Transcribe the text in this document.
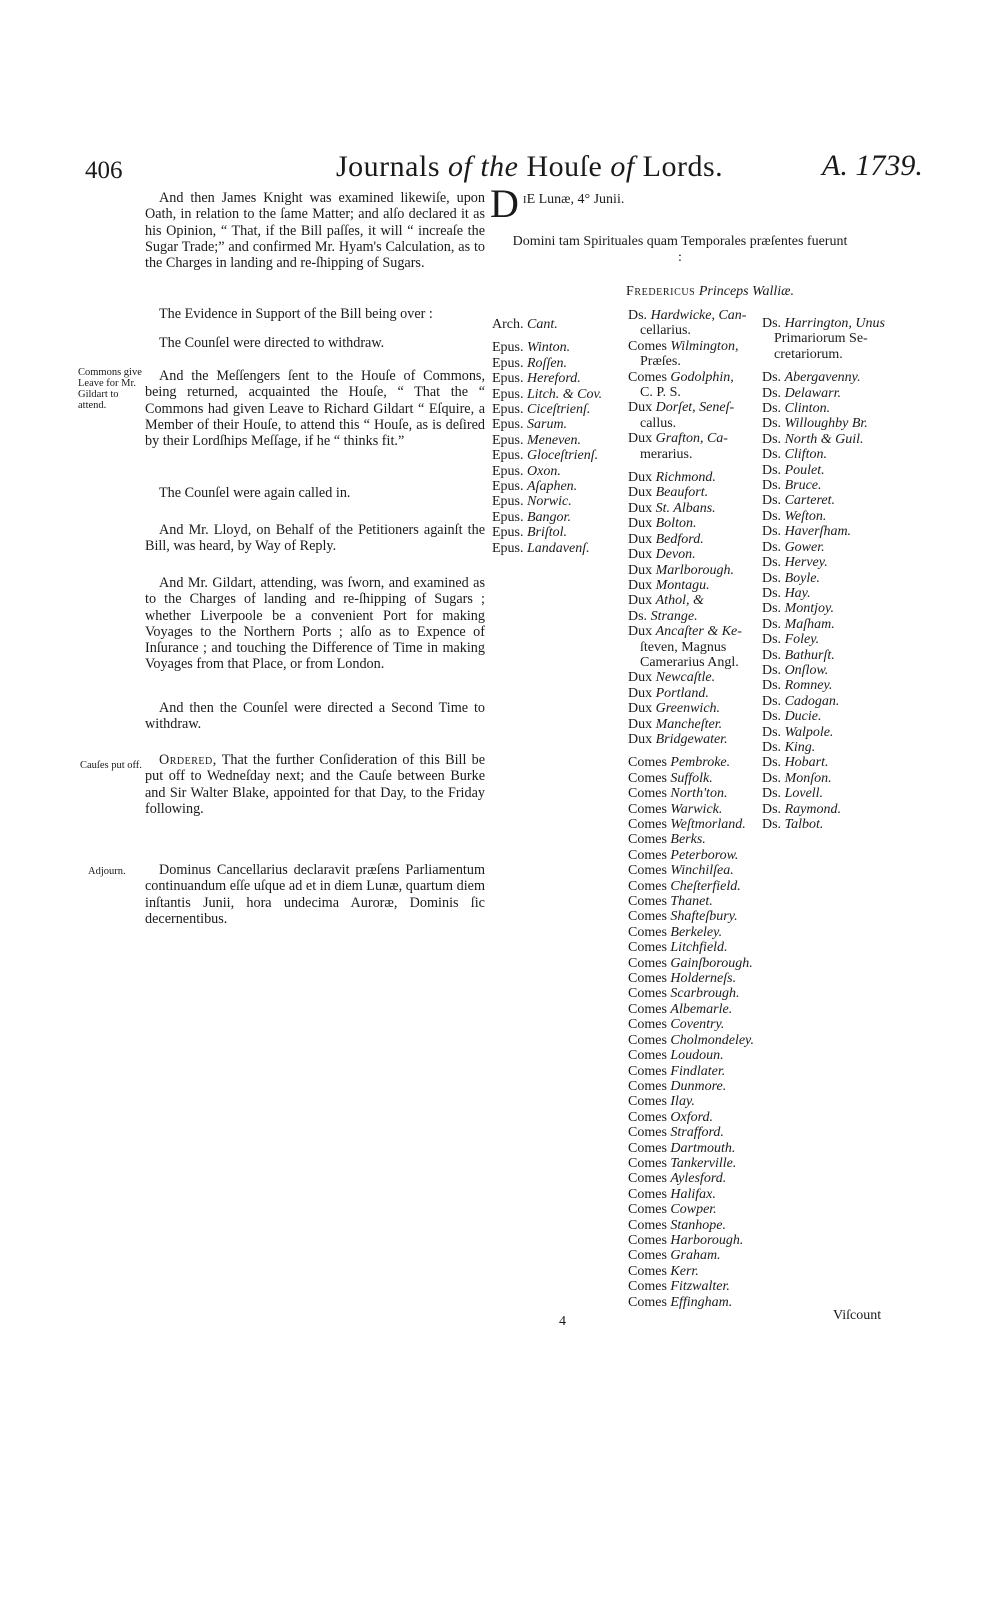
406	Journals of the Houſe of Lords.	A. 1739.

And then James Knight was examined likewiſe, upon Oath, in relation to the ſame Matter; and alſo declared it as his Opinion, “ That, if the Bill paſſes, it will “ increaſe the Sugar Trade;” and confirmed Mr. Hyam's Calculation, as to the Charges in landing and re-ſhipping of Sugars.

The Evidence in Support of the Bill being over :

The Counſel were directed to withdraw.

And the Meſſengers ſent to the Houſe of Commons, being returned, acquainted the Houſe, “ That the “ Commons had given Leave to Richard Gildart “ Eſquire, a Member of their Houſe, to attend this “ Houſe, as is deſired by their Lordſhips Meſſage, if he “ thinks fit.”

The Counſel were again called in.

And Mr. Lloyd, on Behalf of the Petitioners againſt the Bill, was heard, by Way of Reply.

And Mr. Gildart, attending, was ſworn, and examined as to the Charges of landing and re-ſhipping of Sugars ; whether Liverpoole be a convenient Port for making Voyages to the Northern Ports ; alſo as to Expence of Inſurance ; and touching the Difference of Time in making Voyages from that Place, or from London.

And then the Counſel were directed a Second Time to withdraw.

Ordered, That the further Conſideration of this Bill be put off to Wedneſday next; and the Cauſe between Burke and Sir Walter Blake, appointed for that Day, to the Friday following.

Dominus Cancellarius declaravit præſens Parliamentum continuandum eſſe uſque ad et in diem Lunæ, quartum diem inſtantis Junii, hora undecima Auroræ, Dominis ſic decernentibus.

Commons give Leave for Mr. Gildart to attend.
Cauſes put off.
Adjourn.
D IE Lunæ, 4° Junii.
Domini tam Spirituales quam Temporales præſentes fuerunt :
Fredericus Princeps Walliæ.
Arch. Cant.

Epus. Winton.
Epus. Roſſen.
Epus. Hereford.
Epus. Litch. & Cov.
Epus. Ciceſtrienſ.
Epus. Sarum.
Epus. Meneven.
Epus. Gloceſtrienſ.
Epus. Oxon.
Epus. Aſaphen.
Epus. Norwic.
Epus. Bangor.
Epus. Briſtol.
Epus. Landavenſ.
Ds. Hardwicke, Can-
cellarius.
Comes Wilmington,
Præſes.
Comes Godolphin,
C. P. S.
Dux Dorſet, Seneſ-
callus.
Dux Grafton, Ca-
merarius.

Dux Richmond.
Dux Beaufort.
Dux St. Albans.
Dux Bolton.
Dux Bedford.
Dux Devon.
Dux Marlborough.
Dux Montagu.
Dux Athol, &
Ds. Strange.
Dux Ancaſter & Ke-
ſteven, Magnus
Camerarius Angl.
Dux Newcaſtle.
Dux Portland.
Dux Greenwich.
Dux Mancheſter.
Dux Bridgewater.

Comes Pembroke.
Comes Suffolk.
Comes North'ton.
Comes Warwick.
Comes Weſtmorland.
Comes Berks.
Comes Peterborow.
Comes Winchilſea.
Comes Cheſterfield.
Comes Thanet.
Comes Shafteſbury.
Comes Berkeley.
Comes Litchfield.
Comes Gainſborough.
Comes Holderneſs.
Comes Scarbrough.
Comes Albemarle.
Comes Coventry.
Comes Cholmondeley.
Comes Loudoun.
Comes Findlater.
Comes Dunmore.
Comes Ilay.
Comes Oxford.
Comes Strafford.
Comes Dartmouth.
Comes Tankerville.
Comes Aylesford.
Comes Halifax.
Comes Cowper.
Comes Stanhope.
Comes Harborough.
Comes Graham.
Comes Kerr.
Comes Fitzwalter.
Comes Effingham.
Ds. Harrington, Unus
Primariorum Se-
cretariorum.

Ds. Abergavenny.
Ds. Delawarr.
Ds. Clinton.
Ds. Willoughby Br.
Ds. North & Guil.
Ds. Clifton.
Ds. Poulet.
Ds. Bruce.
Ds. Carteret.
Ds. Weſton.
Ds. Haverſham.
Ds. Gower.
Ds. Hervey.
Ds. Boyle.
Ds. Hay.
Ds. Montjoy.
Ds. Maſham.
Ds. Foley.
Ds. Bathurſt.
Ds. Onſlow.
Ds. Romney.
Ds. Cadogan.
Ds. Ducie.
Ds. Walpole.
Ds. King.
Ds. Hobart.
Ds. Monſon.
Ds. Lovell.
Ds. Raymond.
Ds. Talbot.
4	Viſcount
